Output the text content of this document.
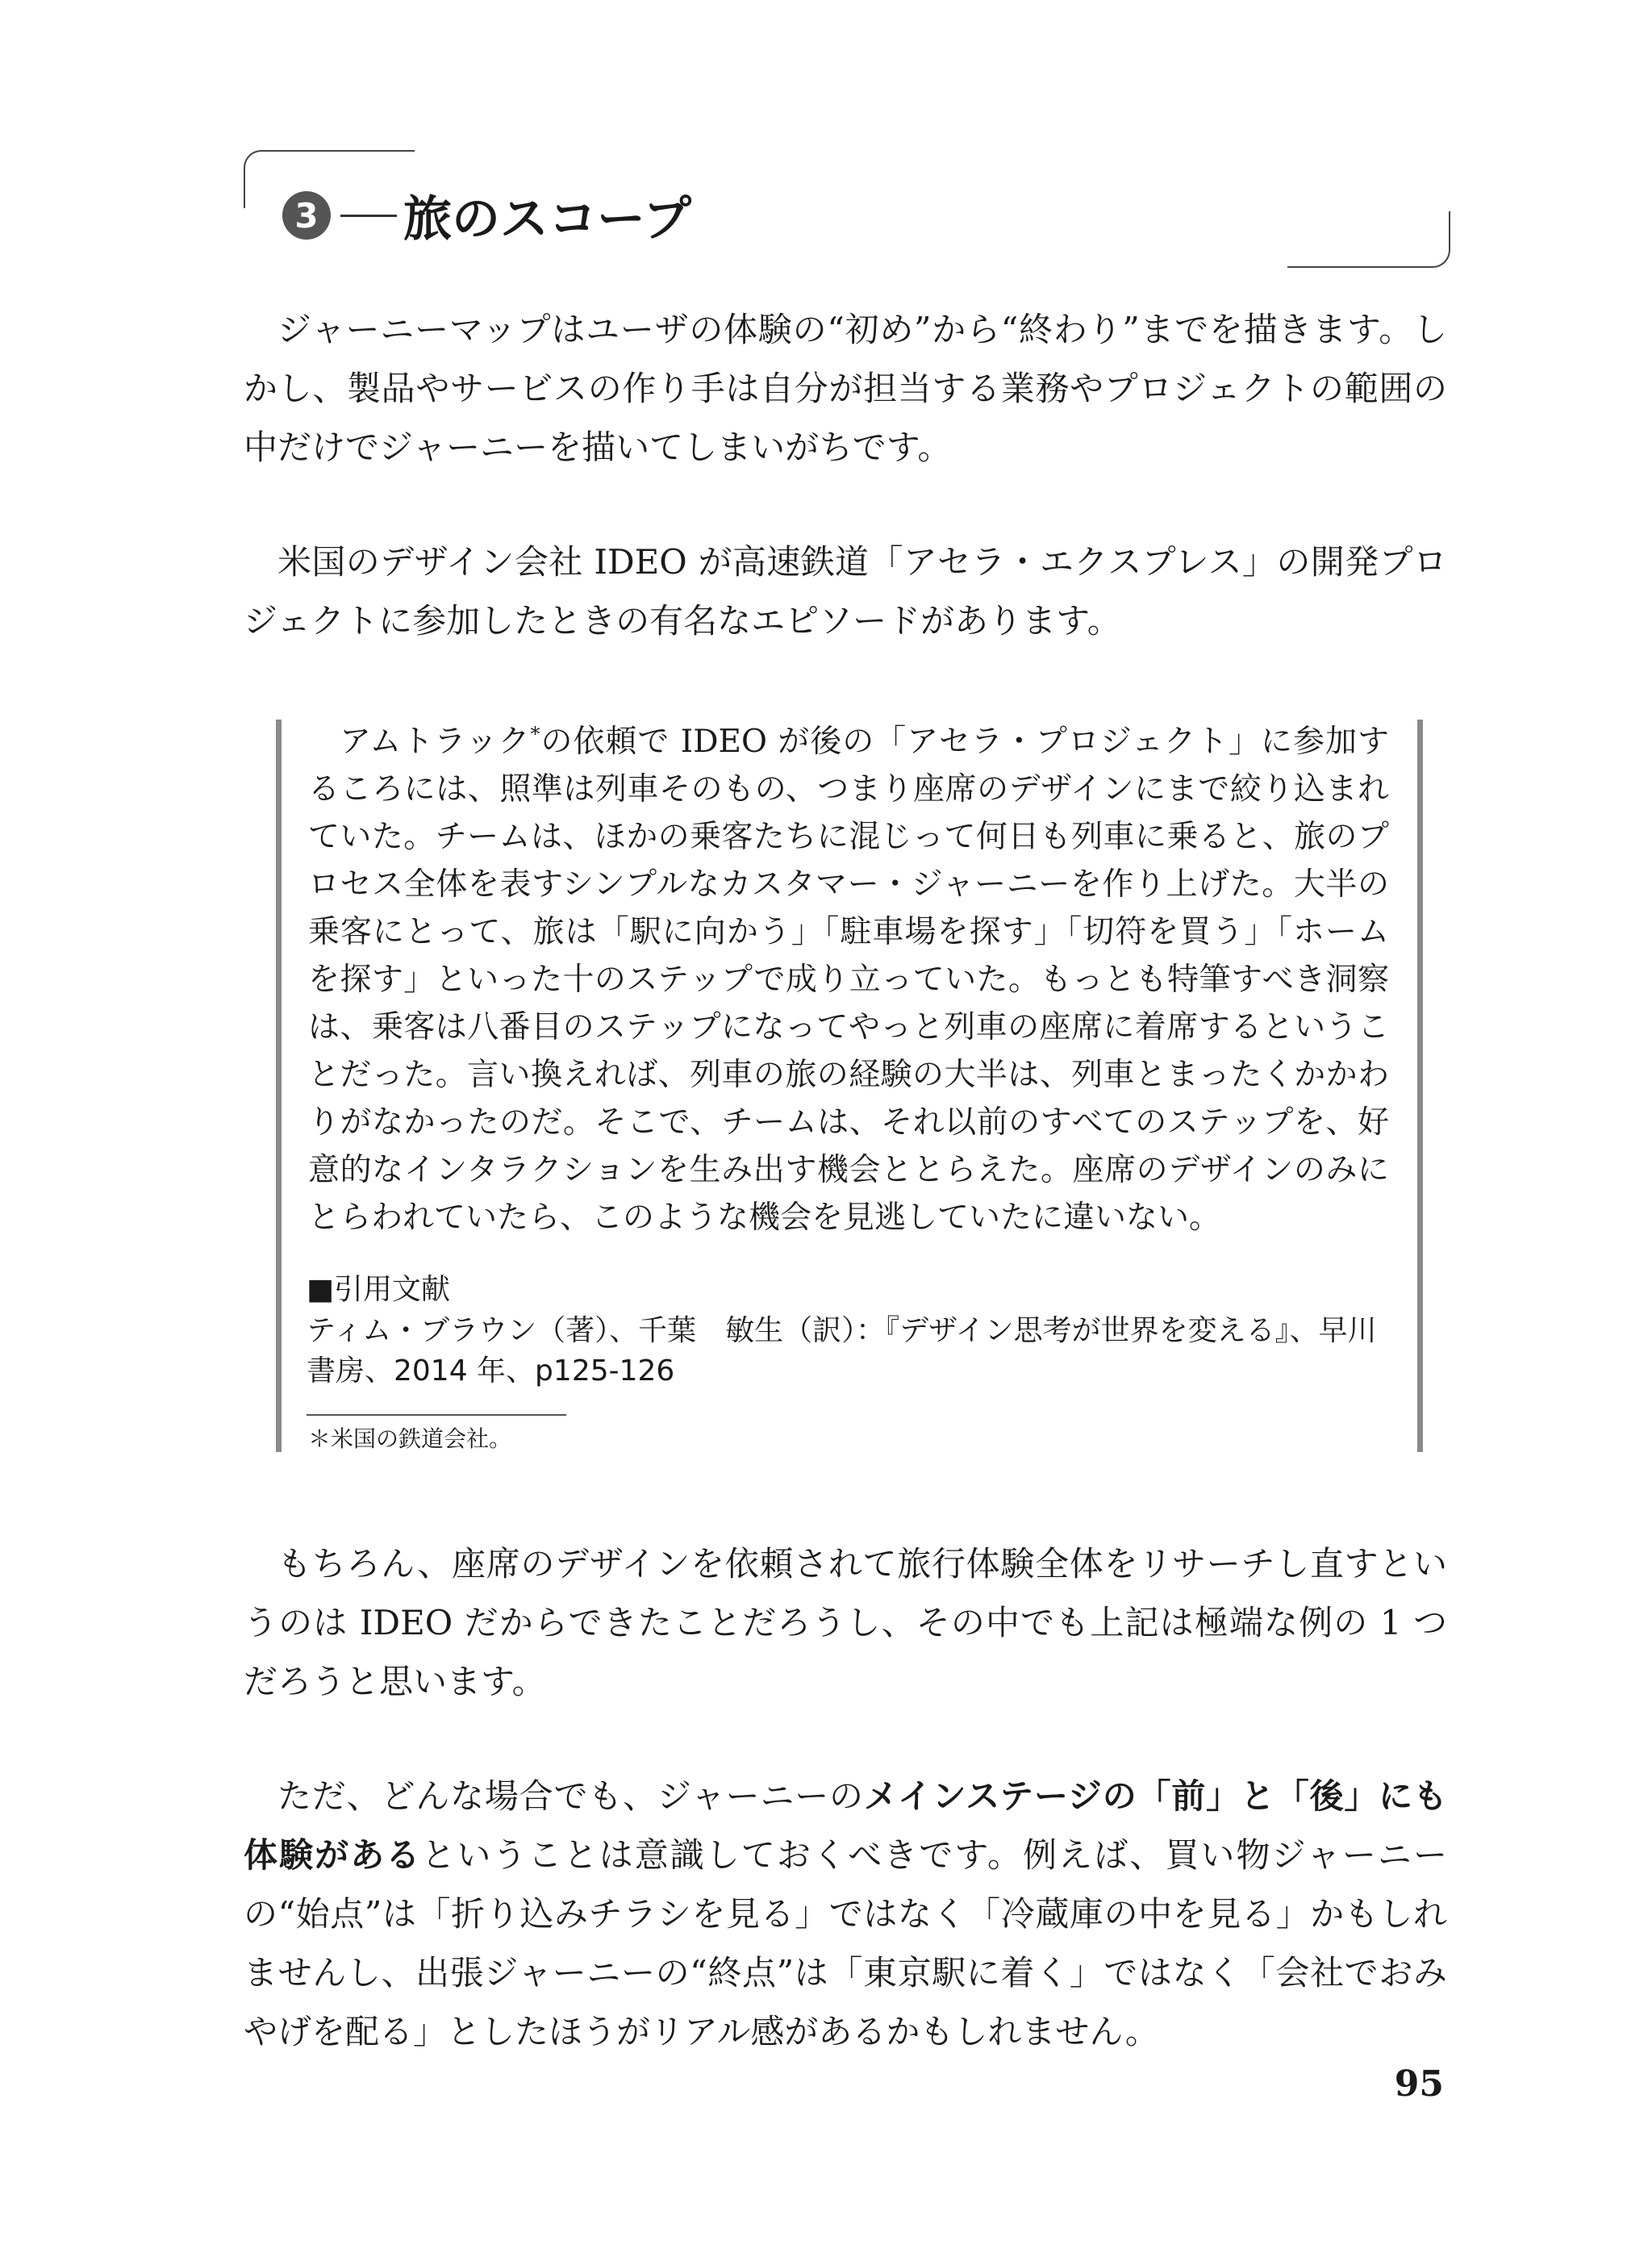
3 旅のスコープ

ジャーニーマップはユーザの体験の“初め”から“終わり”までを描きます。しかし、製品やサービスの作り手は自分が担当する業務やプロジェクトの範囲の中だけでジャーニーを描いてしまいがちです。

米国のデザイン会社 IDEO が高速鉄道「アセラ・エクスプレス」の開発プロジェクトに参加したときの有名なエピソードがあります。

アムトラック*の依頼で IDEO が後の「アセラ・プロジェクト」に参加するころには、照準は列車そのもの、つまり座席のデザインにまで絞り込まれていた。チームは、ほかの乗客たちに混じって何日も列車に乗ると、旅のプロセス全体を表すシンプルなカスタマー・ジャーニーを作り上げた。大半の乗客にとって、旅は「駅に向かう」「駐車場を探す」「切符を買う」「ホームを探す」といった十のステップで成り立っていた。もっとも特筆すべき洞察は、乗客は八番目のステップになってやっと列車の座席に着席するということだった。言い換えれば、列車の旅の経験の大半は、列車とまったくかかわりがなかったのだ。そこで、チームは、それ以前のすべてのステップを、好意的なインタラクションを生み出す機会ととらえた。座席のデザインのみにとらわれていたら、このような機会を見逃していたに違いない。

■引用文献

ティム・ブラウン（著）、千葉　敏生（訳）：『デザイン思考が世界を変える』、早川書房、2014 年、p125-126

＊米国の鉄道会社。

もちろん、座席のデザインを依頼されて旅行体験全体をリサーチし直すというのは IDEO だからできたことだろうし、その中でも上記は極端な例の 1 つだろうと思います。

ただ、どんな場合でも、ジャーニーのメインステージの「前」と「後」にも体験があるということは意識しておくべきです。例えば、買い物ジャーニーの“始点”は「折り込みチラシを見る」ではなく「冷蔵庫の中を見る」かもしれませんし、出張ジャーニーの“終点”は「東京駅に着く」ではなく「会社でおみやげを配る」としたほうがリアル感があるかもしれません。

95
